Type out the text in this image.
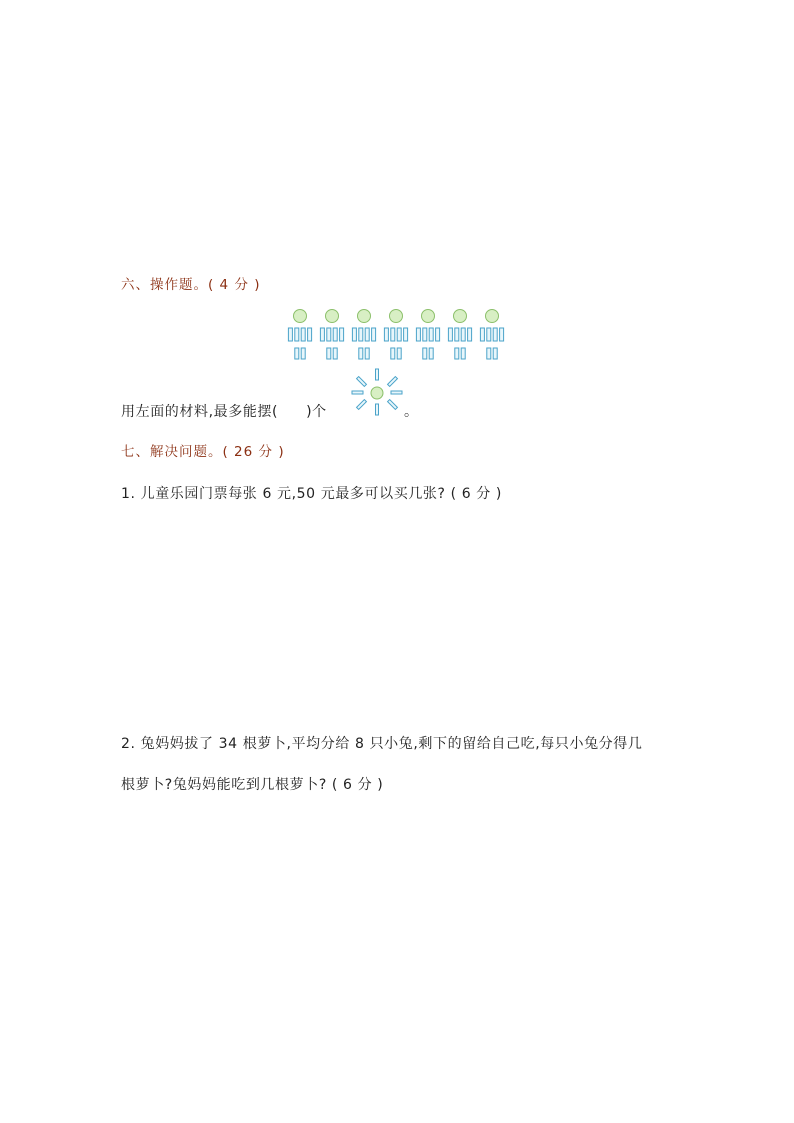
六、操作题。( 4 分 )
用左面的材料,最多能摆( )个	。
七、解决问题。( 26 分 )
1. 儿童乐园门票每张 6 元,50 元最多可以买几张? ( 6 分 )
2. 兔妈妈拔了 34 根萝卜,平均分给 8 只小兔,剩下的留给自己吃,每只小兔分得几
根萝卜?兔妈妈能吃到几根萝卜? ( 6 分 )
